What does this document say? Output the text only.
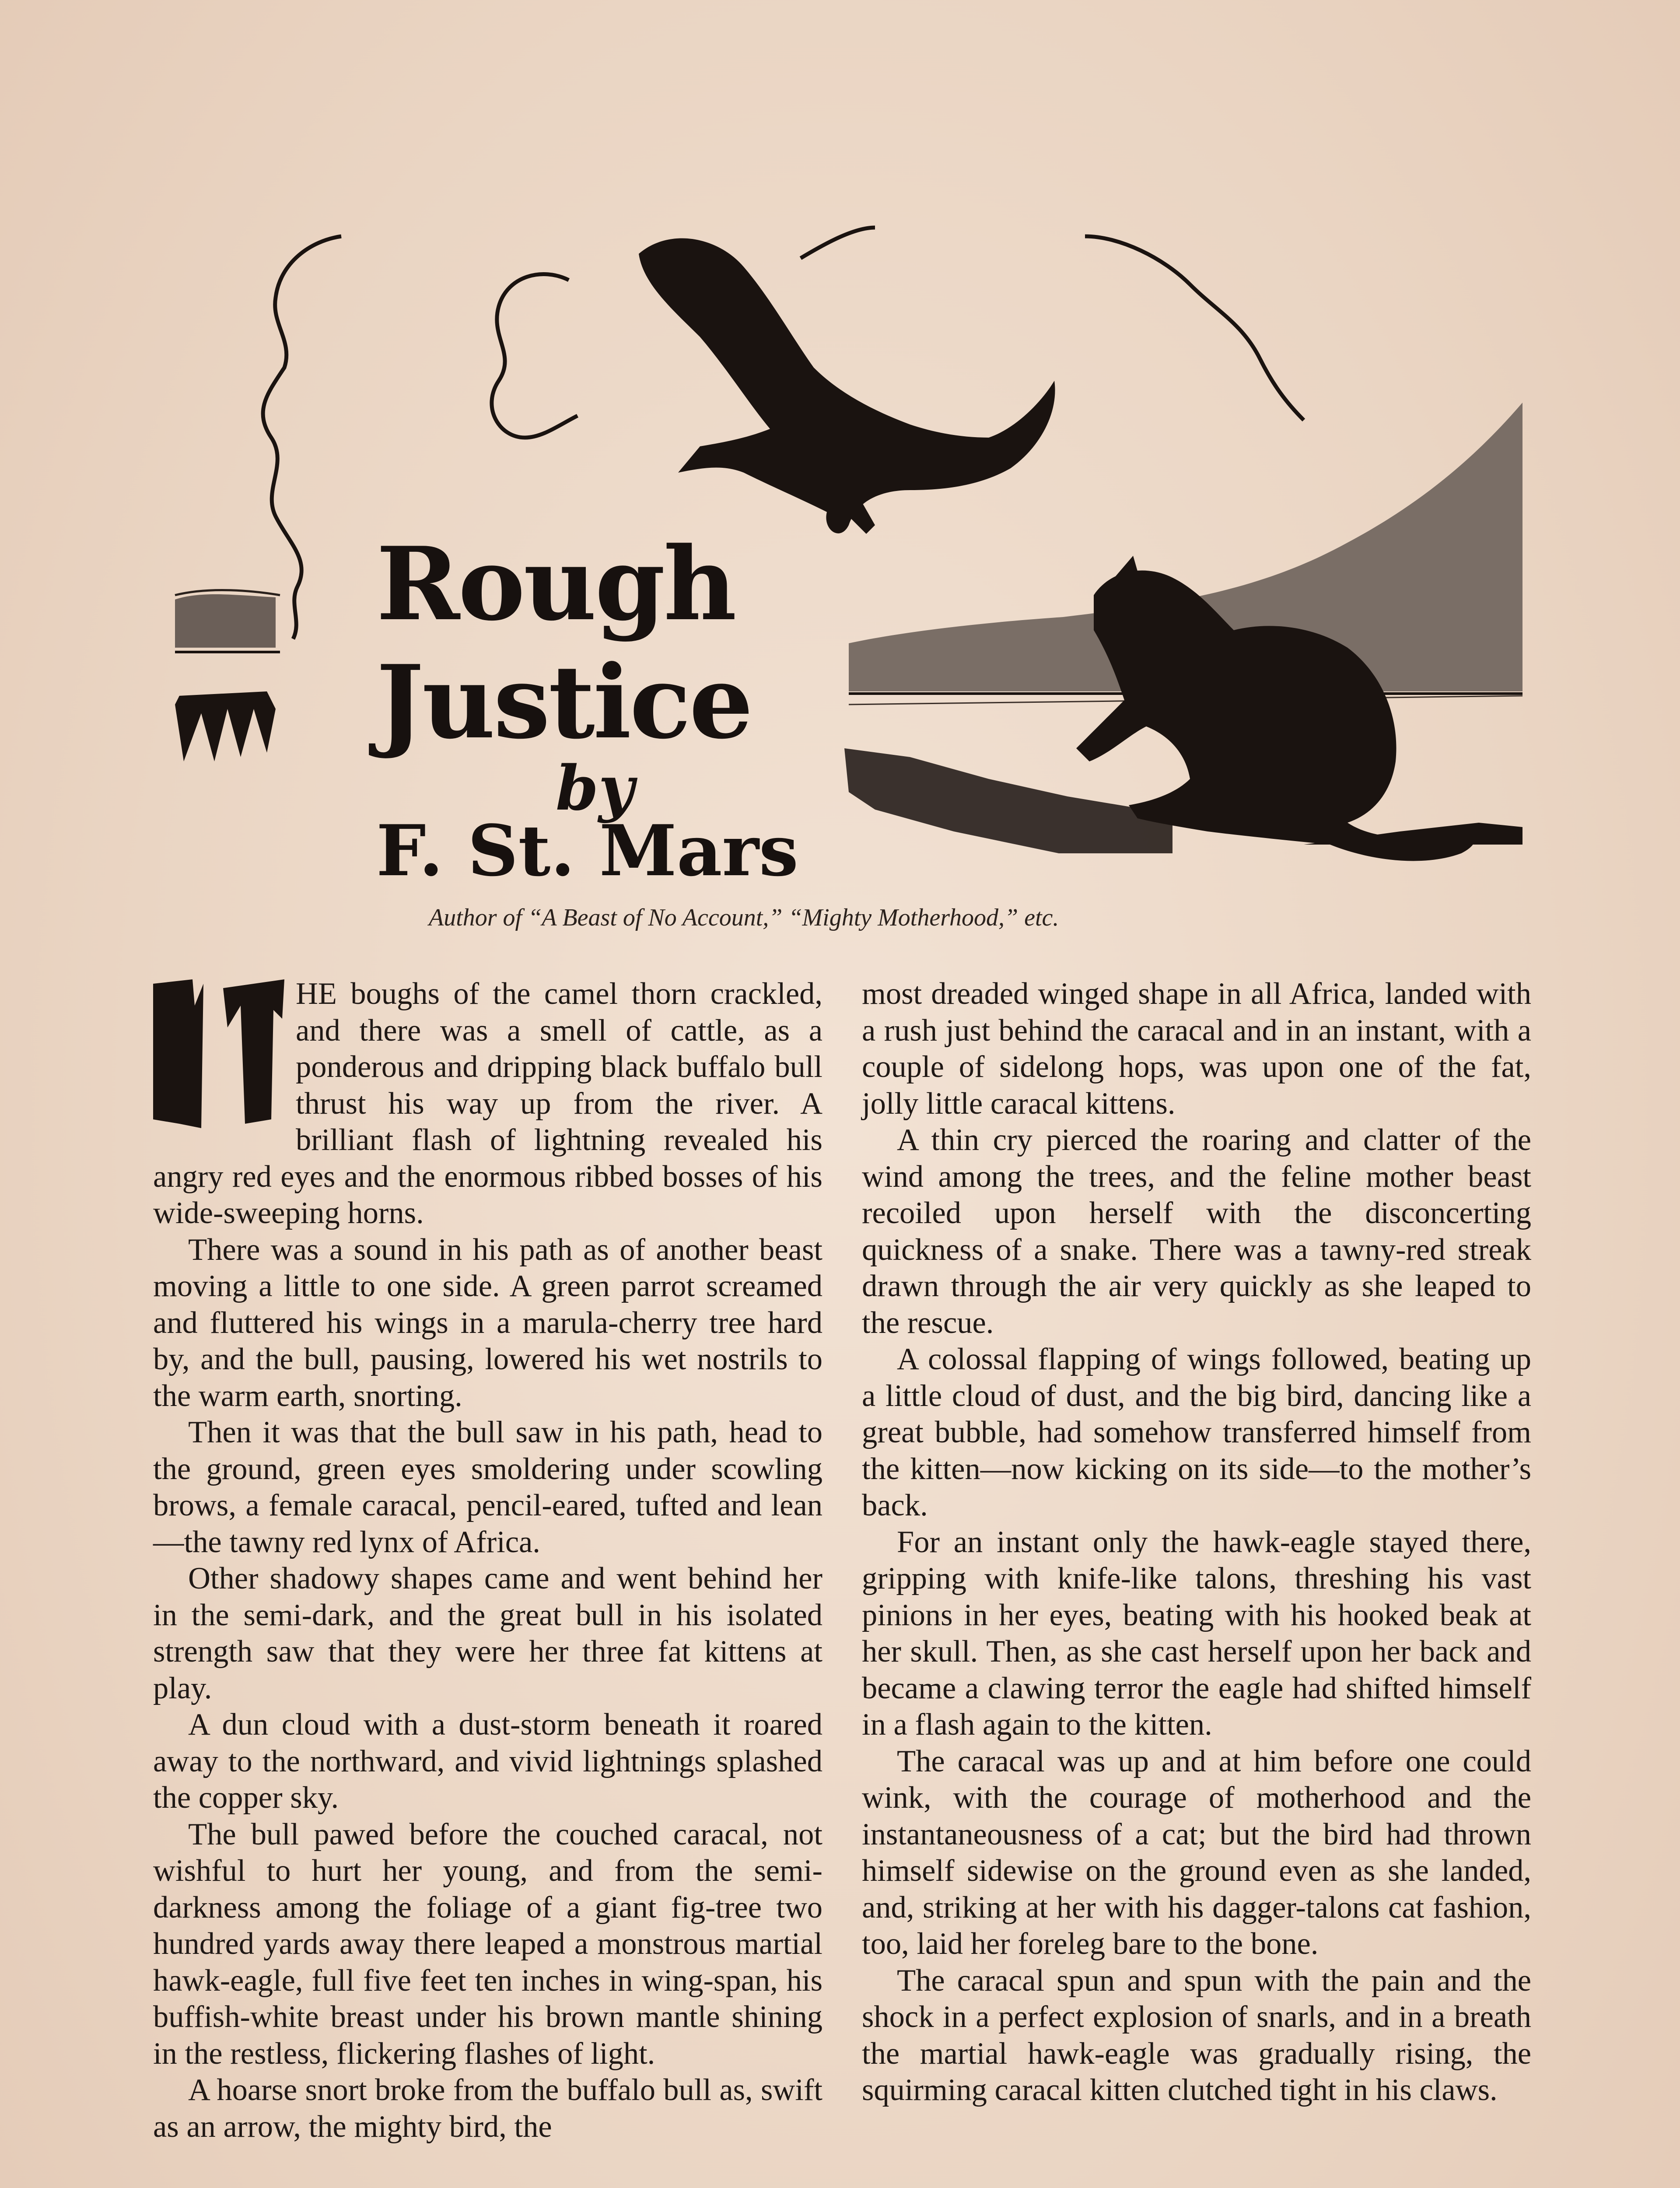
Rough
Justice
by
F. St. Mars
Author of “A Beast of No Account,” “Mighty Motherhood,” etc.

HE boughs of the camel thorn crackled, and there was a smell of cattle, as a ponderous and dripping black buffalo bull thrust his way up from the river. A brilliant flash of lightning revealed his angry red eyes and the enormous ribbed bosses of his wide-sweeping horns.

There was a sound in his path as of another beast moving a little to one side. A green parrot screamed and fluttered his wings in a marula-cherry tree hard by, and the bull, pausing, lowered his wet nostrils to the warm earth, snorting.

Then it was that the bull saw in his path, head to the ground, green eyes smoldering under scowling brows, a female caracal, pencil-eared, tufted and lean—the tawny red lynx of Africa.

Other shadowy shapes came and went behind her in the semi-dark, and the great bull in his isolated strength saw that they were her three fat kittens at play.

A dun cloud with a dust-storm beneath it roared away to the northward, and vivid lightnings splashed the copper sky.

The bull pawed before the couched caracal, not wishful to hurt her young, and from the semi-darkness among the foliage of a giant fig-tree two hundred yards away there leaped a monstrous martial hawk-eagle, full five feet ten inches in wing-span, his buffish-white breast under his brown mantle shining in the restless, flickering flashes of light.

A hoarse snort broke from the buffalo bull as, swift as an arrow, the mighty bird, the

most dreaded winged shape in all Africa, landed with a rush just behind the caracal and in an instant, with a couple of sidelong hops, was upon one of the fat, jolly little caracal kittens.

A thin cry pierced the roaring and clatter of the wind among the trees, and the feline mother beast recoiled upon herself with the disconcerting quickness of a snake. There was a tawny-red streak drawn through the air very quickly as she leaped to the rescue.

A colossal flapping of wings followed, beating up a little cloud of dust, and the big bird, dancing like a great bubble, had somehow transferred himself from the kitten—now kicking on its side—to the mother’s back.

For an instant only the hawk-eagle stayed there, gripping with knife-like talons, threshing his vast pinions in her eyes, beating with his hooked beak at her skull. Then, as she cast herself upon her back and became a clawing terror the eagle had shifted himself in a flash again to the kitten.

The caracal was up and at him before one could wink, with the courage of motherhood and the instantaneousness of a cat; but the bird had thrown himself sidewise on the ground even as she landed, and, striking at her with his dagger-talons cat fashion, too, laid her foreleg bare to the bone.

The caracal spun and spun with the pain and the shock in a perfect explosion of snarls, and in a breath the martial hawk-eagle was gradually rising, the squirming caracal kitten clutched tight in his claws.
